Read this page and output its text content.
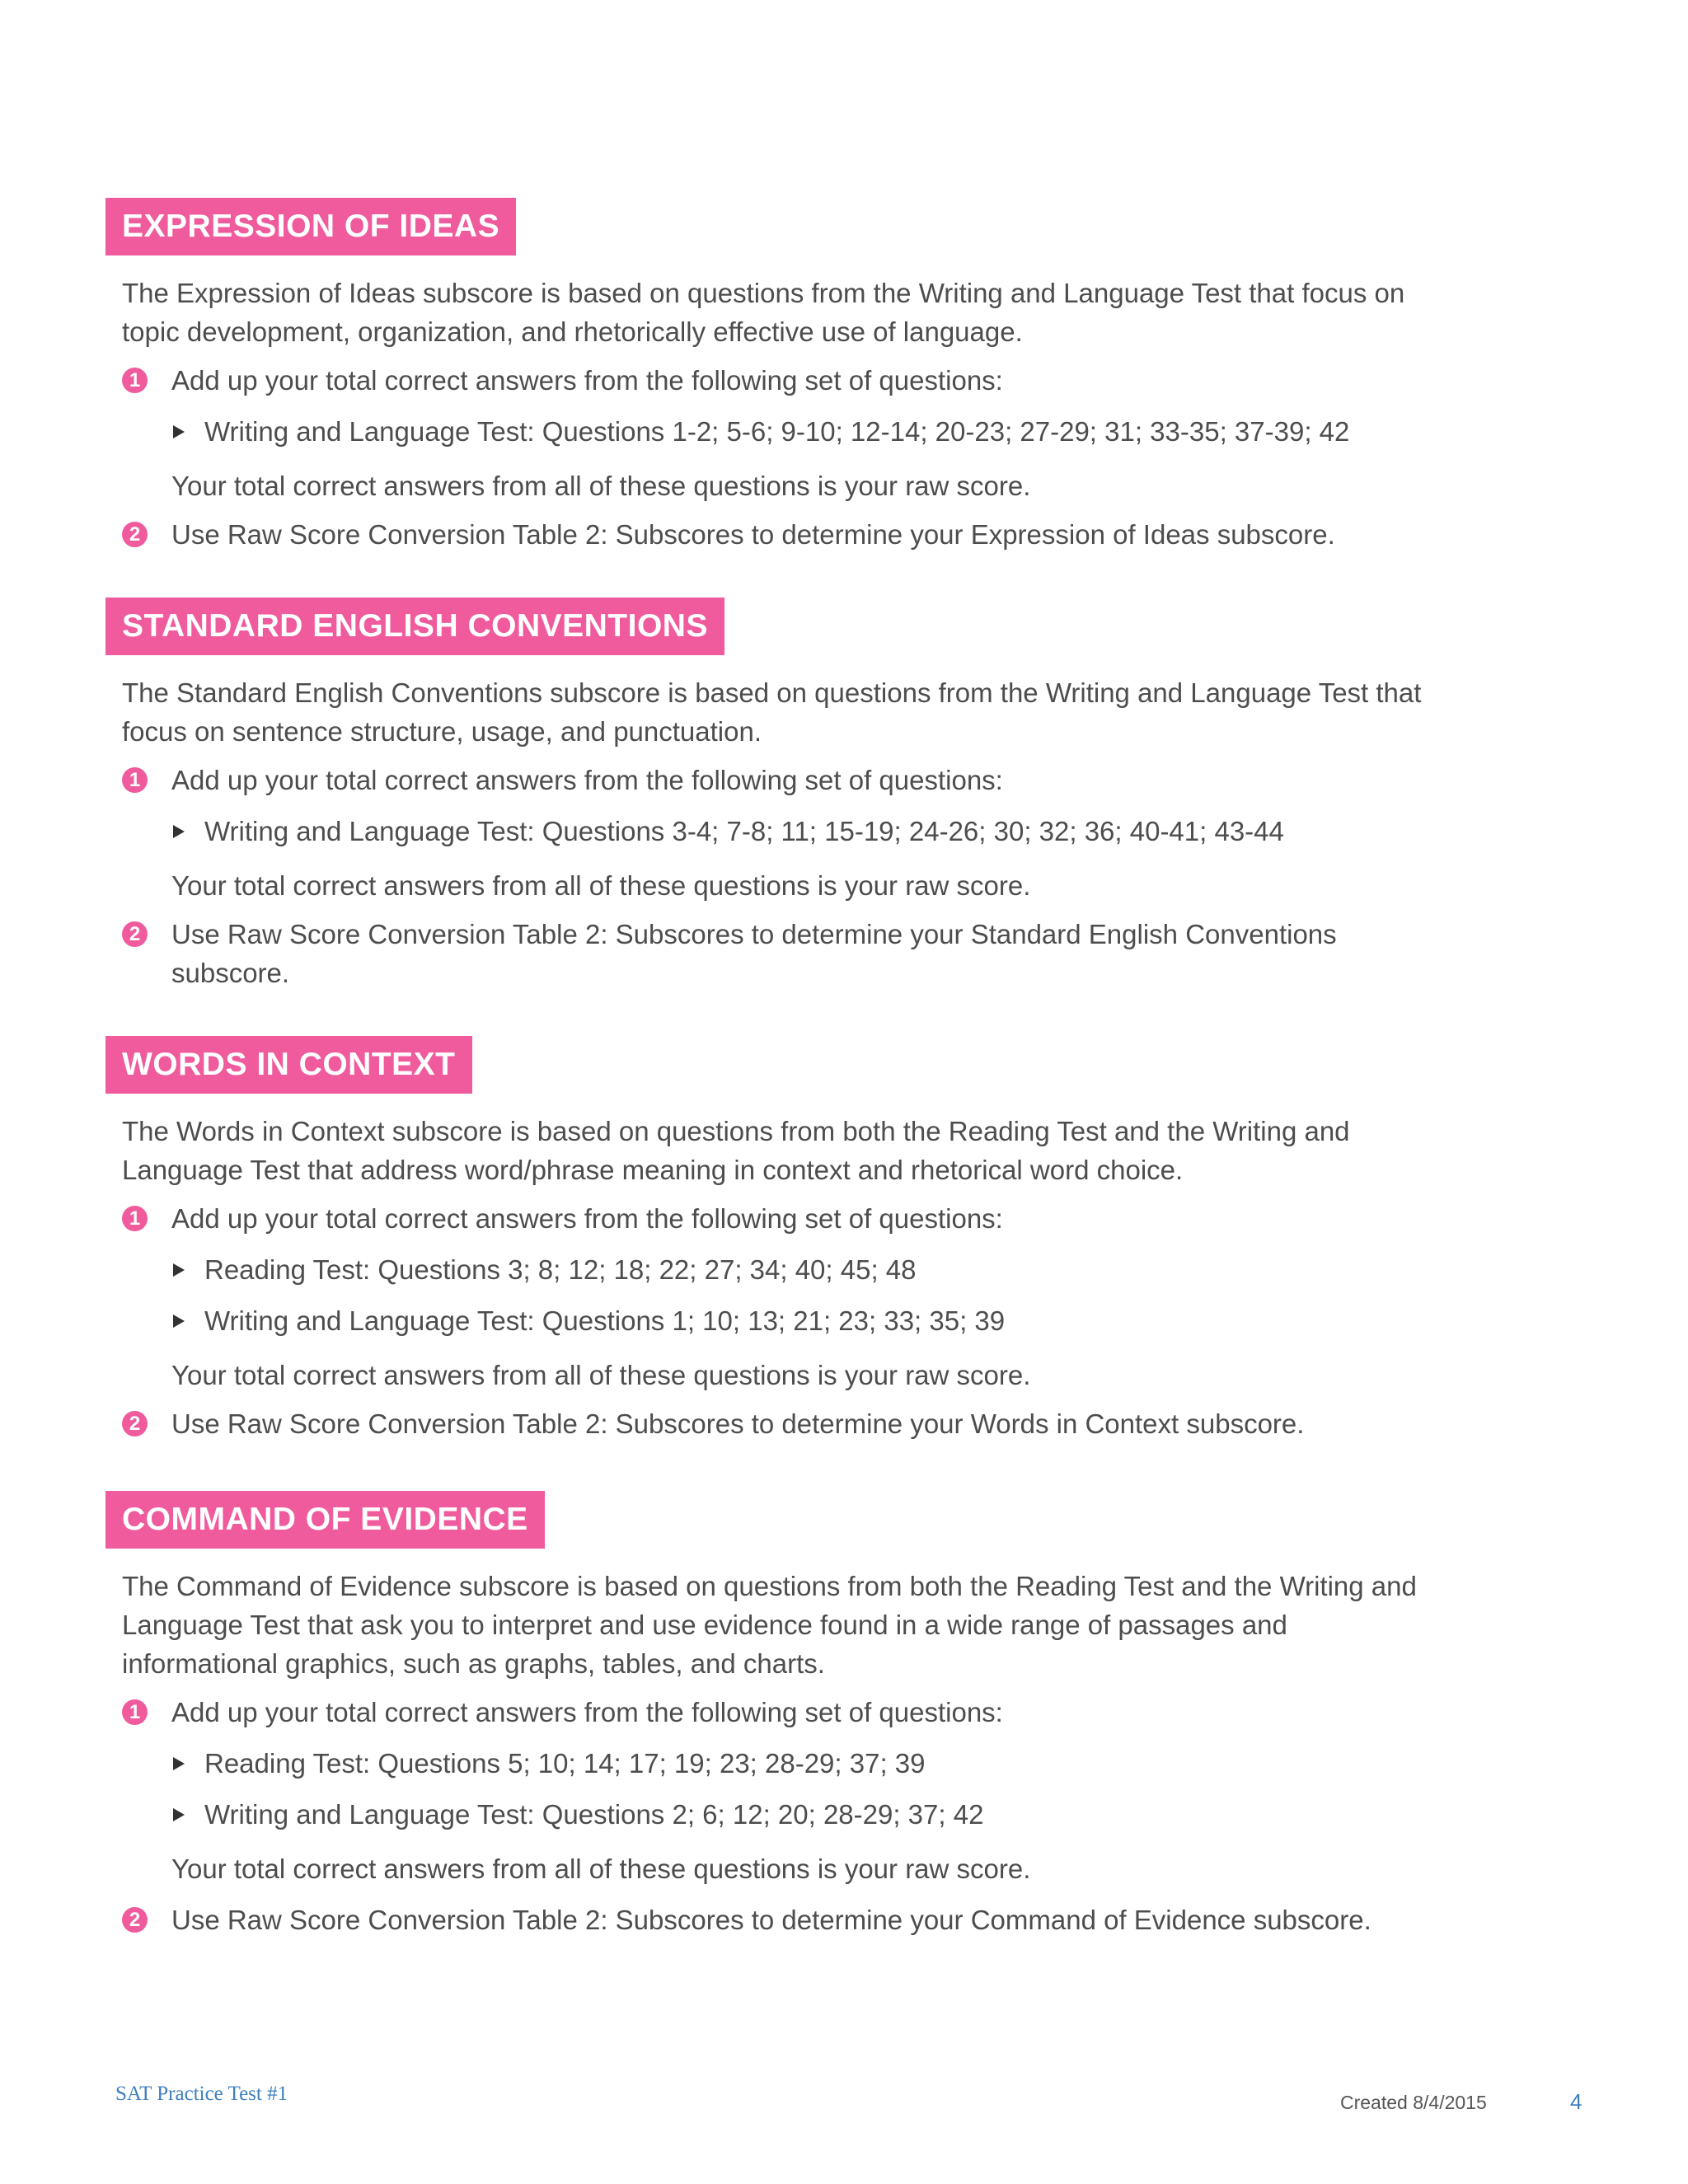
EXPRESSION OF IDEAS
The Expression of Ideas subscore is based on questions from the Writing and Language Test that focus on topic development, organization, and rhetorically effective use of language.
1 Add up your total correct answers from the following set of questions:
Writing and Language Test: Questions 1-2; 5-6; 9-10; 12-14; 20-23; 27-29; 31; 33-35; 37-39; 42
Your total correct answers from all of these questions is your raw score.
2 Use Raw Score Conversion Table 2: Subscores to determine your Expression of Ideas subscore.
STANDARD ENGLISH CONVENTIONS
The Standard English Conventions subscore is based on questions from the Writing and Language Test that focus on sentence structure, usage, and punctuation.
1 Add up your total correct answers from the following set of questions:
Writing and Language Test: Questions 3-4; 7-8; 11; 15-19; 24-26; 30; 32; 36; 40-41; 43-44
Your total correct answers from all of these questions is your raw score.
2 Use Raw Score Conversion Table 2: Subscores to determine your Standard English Conventions subscore.
WORDS IN CONTEXT
The Words in Context subscore is based on questions from both the Reading Test and the Writing and Language Test that address word/phrase meaning in context and rhetorical word choice.
1 Add up your total correct answers from the following set of questions:
Reading Test: Questions 3; 8; 12; 18; 22; 27; 34; 40; 45; 48
Writing and Language Test: Questions 1; 10; 13; 21; 23; 33; 35; 39
Your total correct answers from all of these questions is your raw score.
2 Use Raw Score Conversion Table 2: Subscores to determine your Words in Context subscore.
COMMAND OF EVIDENCE
The Command of Evidence subscore is based on questions from both the Reading Test and the Writing and Language Test that ask you to interpret and use evidence found in a wide range of passages and informational graphics, such as graphs, tables, and charts.
1 Add up your total correct answers from the following set of questions:
Reading Test: Questions 5; 10; 14; 17; 19; 23; 28-29; 37; 39
Writing and Language Test: Questions 2; 6; 12; 20; 28-29; 37; 42
Your total correct answers from all of these questions is your raw score.
2 Use Raw Score Conversion Table 2: Subscores to determine your Command of Evidence subscore.
SAT Practice Test #1	Created 8/4/2015	4
